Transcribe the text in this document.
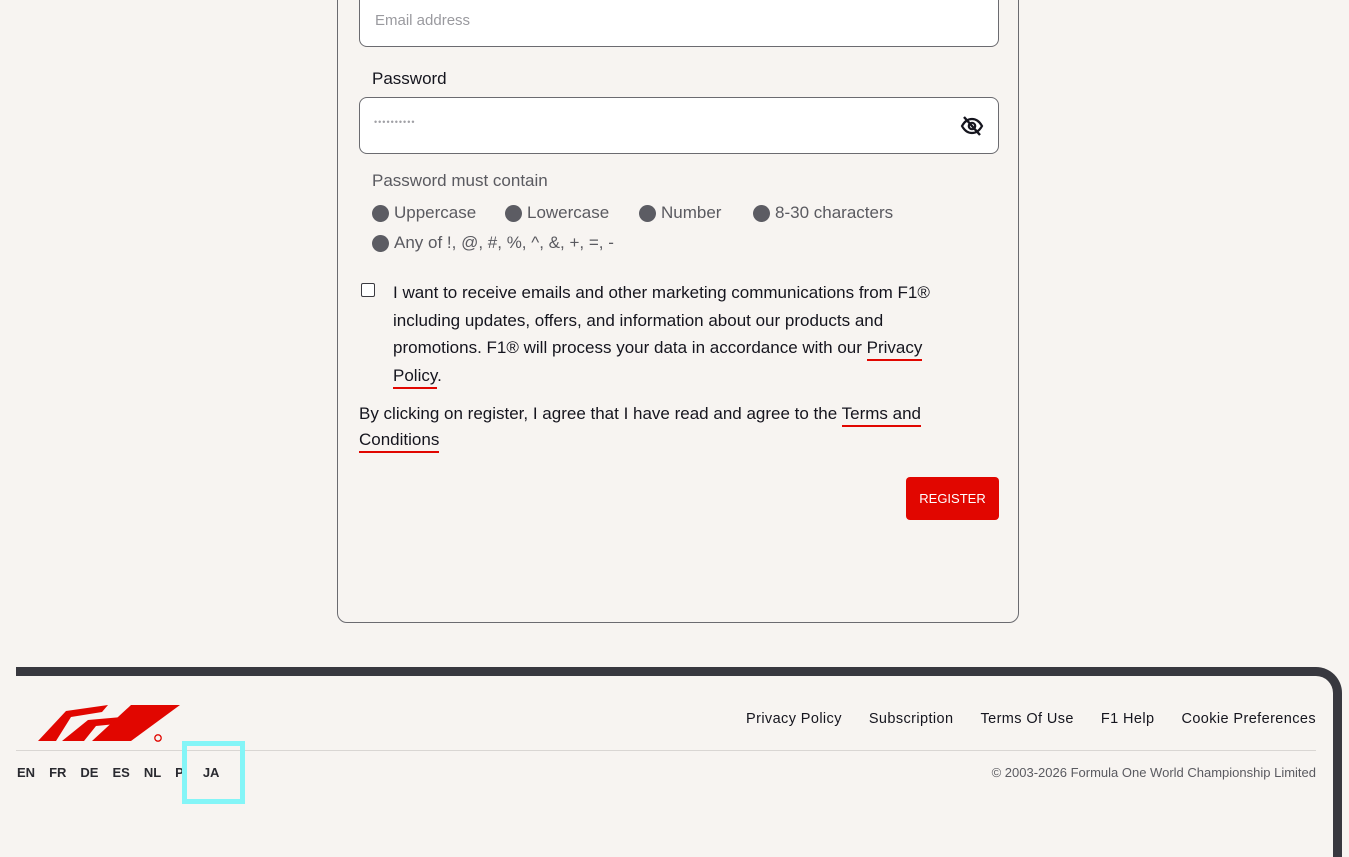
Email address
Password
••••••••••
Password must contain
Uppercase	Lowercase	Number	8-30 characters
Any of !, @, #, %, ^, &, +, =, -
I want to receive emails and other marketing communications from F1® including updates, offers, and information about our products and promotions. F1® will process your data in accordance with our Privacy Policy.
By clicking on register, I agree that I have read and agree to the Terms and Conditions
REGISTER
Privacy Policy Subscription Terms Of Use F1 Help Cookie Preferences
EN FR DE ES NL P JA	© 2003-2026 Formula One World Championship Limited
